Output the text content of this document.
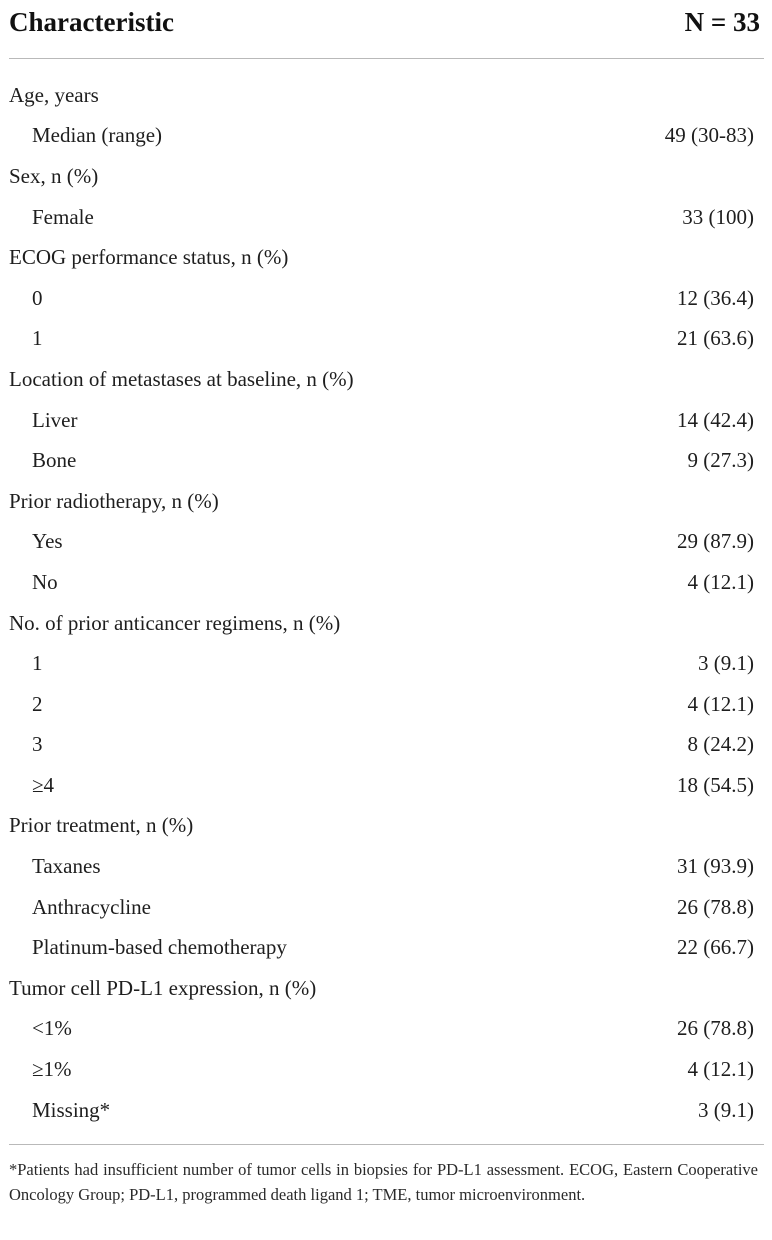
Characteristic	N = 33
Age, years
Median (range)	49 (30-83)
Sex, n (%)
Female	33 (100)
ECOG performance status, n (%)
0	12 (36.4)
1	21 (63.6)
Location of metastases at baseline, n (%)
Liver	14 (42.4)
Bone	9 (27.3)
Prior radiotherapy, n (%)
Yes	29 (87.9)
No	4 (12.1)
No. of prior anticancer regimens, n (%)
1	3 (9.1)
2	4 (12.1)
3	8 (24.2)
≥4	18 (54.5)
Prior treatment, n (%)
Taxanes	31 (93.9)
Anthracycline	26 (78.8)
Platinum-based chemotherapy	22 (66.7)
Tumor cell PD-L1 expression, n (%)
<1%	26 (78.8)
≥1%	4 (12.1)
Missing*	3 (9.1)
*Patients had insufficient number of tumor cells in biopsies for PD-L1 assessment. ECOG, Eastern Cooperative Oncology Group; PD-L1, programmed death ligand 1; TME, tumor microenvironment.
